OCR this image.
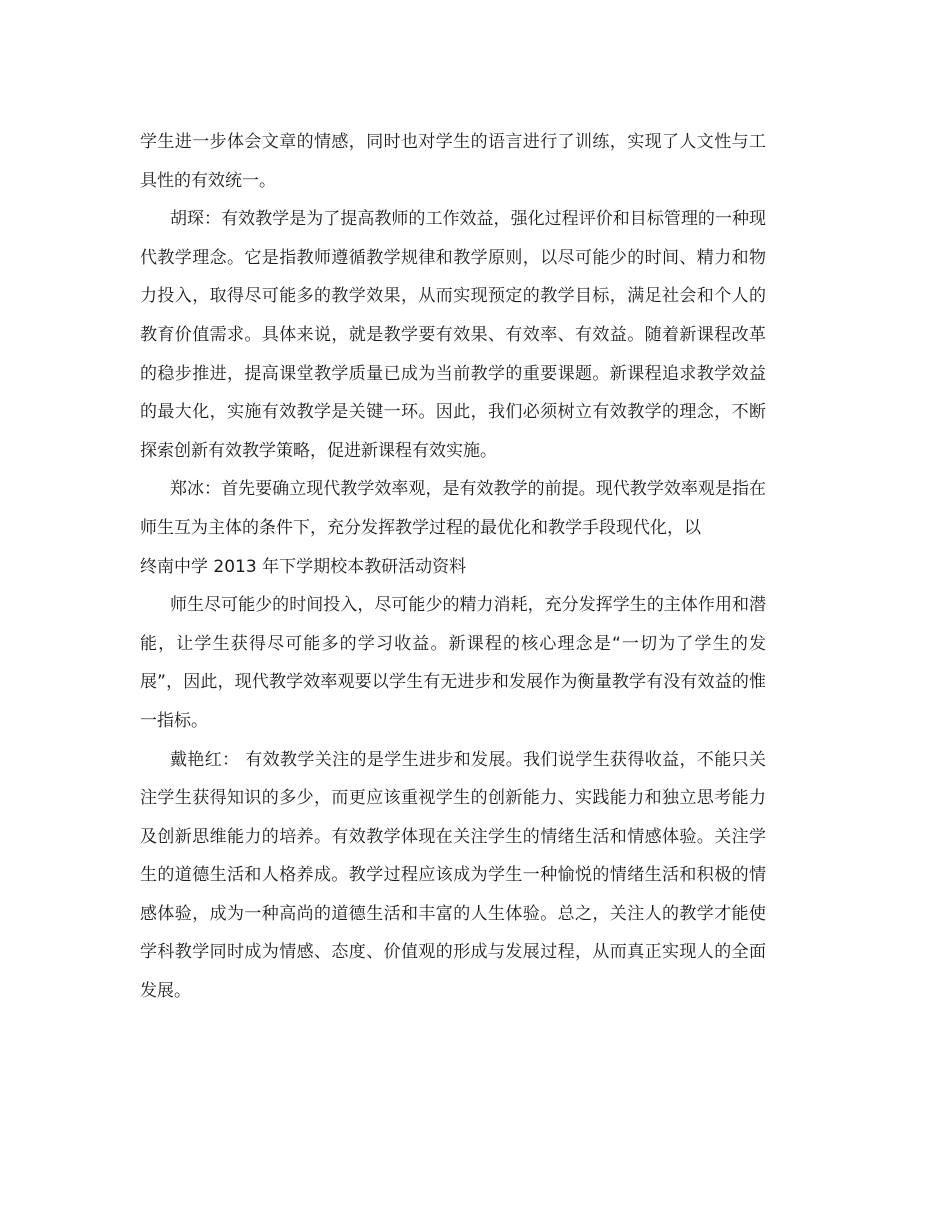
学生进一步体会文章的情感，同时也对学生的语言进行了训练，实现了人文性与工具性的有效统一。

胡琛：有效教学是为了提高教师的工作效益，强化过程评价和目标管理的一种现代教学理念。它是指教师遵循教学规律和教学原则，以尽可能少的时间、精力和物力投入，取得尽可能多的教学效果，从而实现预定的教学目标，满足社会和个人的教育价值需求。具体来说，就是教学要有效果、有效率、有效益。随着新课程改革的稳步推进，提高课堂教学质量已成为当前教学的重要课题。新课程追求教学效益的最大化，实施有效教学是关键一环。因此，我们必须树立有效教学的理念，不断探索创新有效教学策略，促进新课程有效实施。

郑冰：首先要确立现代教学效率观，是有效教学的前提。现代教学效率观是指在师生互为主体的条件下，充分发挥教学过程的最优化和教学手段现代化，以

终南中学 2013 年下学期校本教研活动资料

师生尽可能少的时间投入，尽可能少的精力消耗，充分发挥学生的主体作用和潜能，让学生获得尽可能多的学习收益。新课程的核心理念是“一切为了学生的发展”，因此，现代教学效率观要以学生有无进步和发展作为衡量教学有没有效益的惟一指标。

戴艳红： 有效教学关注的是学生进步和发展。我们说学生获得收益，不能只关注学生获得知识的多少，而更应该重视学生的创新能力、实践能力和独立思考能力及创新思维能力的培养。有效教学体现在关注学生的情绪生活和情感体验。关注学生的道德生活和人格养成。教学过程应该成为学生一种愉悦的情绪生活和积极的情感体验，成为一种高尚的道德生活和丰富的人生体验。总之，关注人的教学才能使学科教学同时成为情感、态度、价值观的形成与发展过程，从而真正实现人的全面发展。
